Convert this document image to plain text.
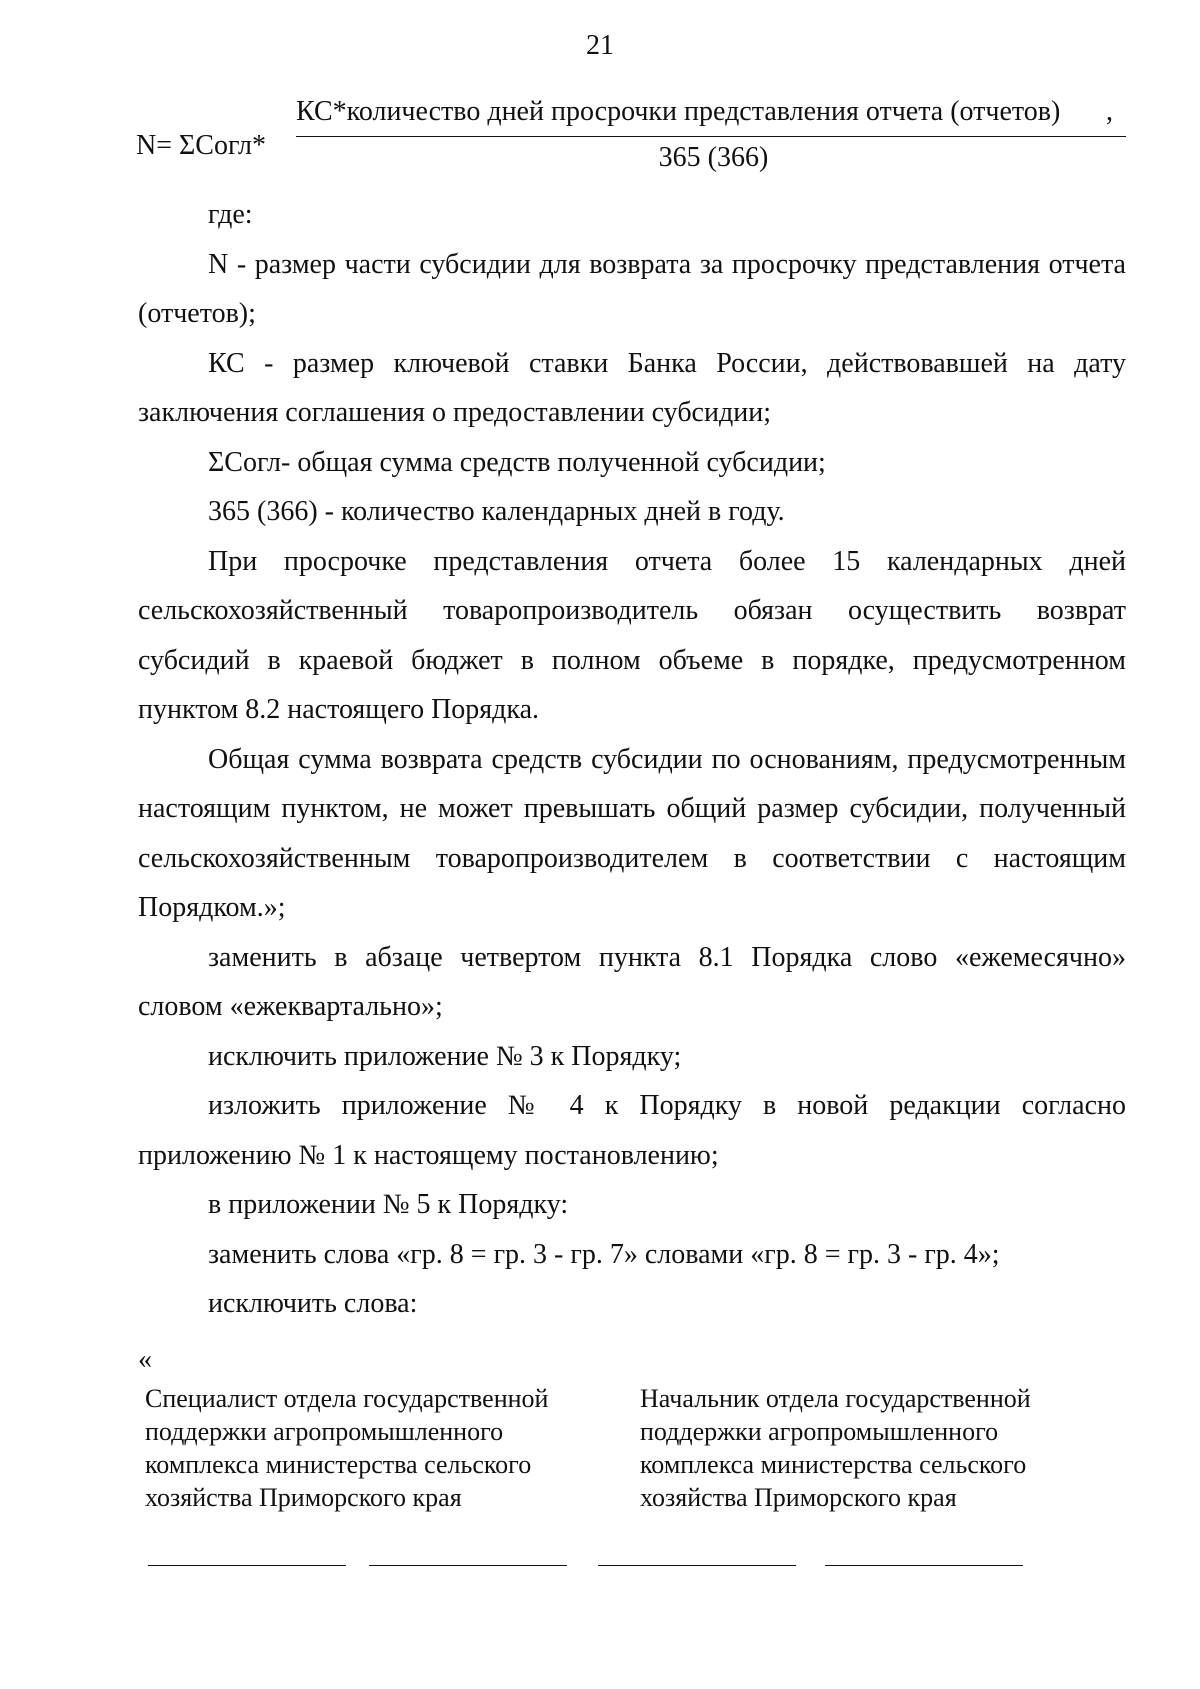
21
N= ΣСогл*
КС*количество дней просрочки представления отчета (отчетов) ,
365 (366)

где:

N - размер части субсидии для возврата за просрочку представления отчета (отчетов);

КС - размер ключевой ставки Банка России, действовавшей на дату заключения соглашения о предоставлении субсидии;

ΣСогл- общая сумма средств полученной субсидии;

365 (366) - количество календарных дней в году.

При просрочке представления отчета более 15 календарных дней сельскохозяйственный товаропроизводитель обязан осуществить возврат субсидий в краевой бюджет в полном объеме в порядке, предусмотренном пунктом 8.2 настоящего Порядка.

Общая сумма возврата средств субсидии по основаниям, предусмотренным настоящим пунктом, не может превышать общий размер субсидии, полученный сельскохозяйственным товаропроизводителем в соответствии с настоящим Порядком.»;

заменить в абзаце четвертом пункта 8.1 Порядка слово «ежемесячно» словом «ежеквартально»;

исключить приложение № 3 к Порядку;

изложить приложение № 4 к Порядку в новой редакции согласно приложению № 1 к настоящему постановлению;

в приложении № 5 к Порядку:

заменить слова «гр. 8 = гр. 3 - гр. 7» словами «гр. 8 = гр. 3 - гр. 4»;

исключить слова:

«

Специалист отдела государственной
поддержки агропромышленного
комплекса министерства сельского
хозяйства Приморского края
Начальник отдела государственной
поддержки агропромышленного
комплекса министерства сельского
хозяйства Приморского края
